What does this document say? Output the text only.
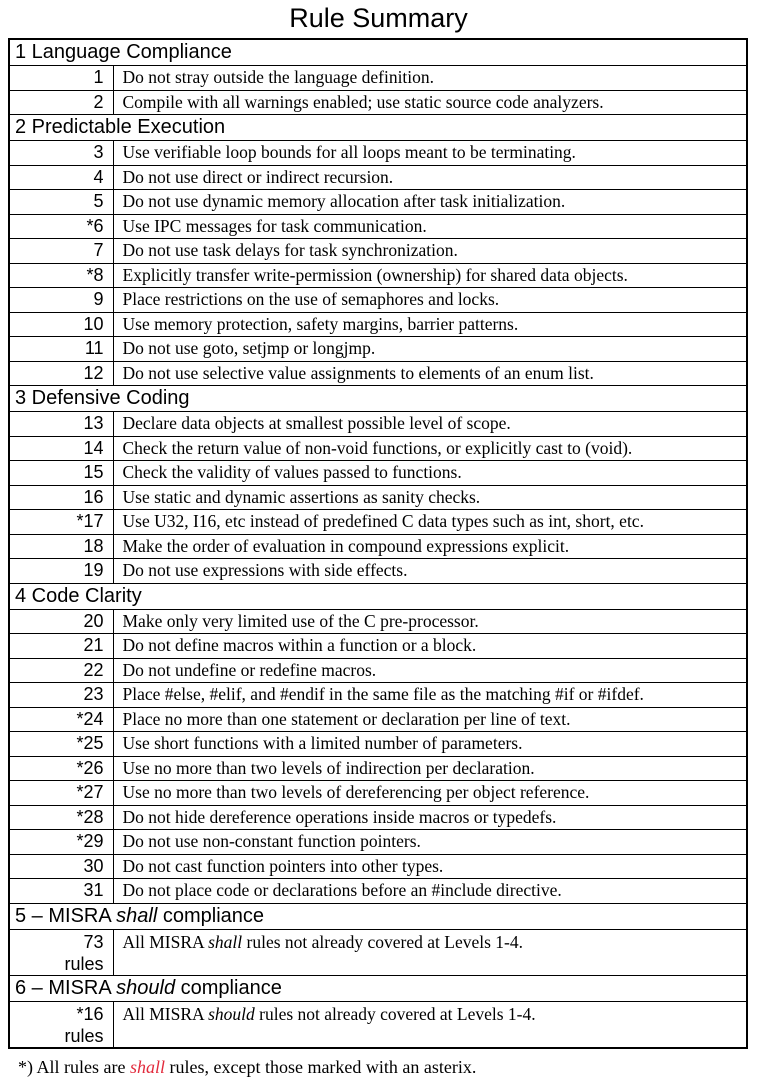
Rule Summary
1 Language Compliance	
1	Do not stray outside the language definition.
2	Compile with all warnings enabled; use static source code analyzers.
2 Predictable Execution	
3	Use verifiable loop bounds for all loops meant to be terminating.
4	Do not use direct or indirect recursion.
5	Do not use dynamic memory allocation after task initialization.
*6	Use IPC messages for task communication.
7	Do not use task delays for task synchronization.
*8	Explicitly transfer write-permission (ownership) for shared data objects.
9	Place restrictions on the use of semaphores and locks.
10	Use memory protection, safety margins, barrier patterns.
11	Do not use goto, setjmp or longjmp.
12	Do not use selective value assignments to elements of an enum list.
3 Defensive Coding	
13	Declare data objects at smallest possible level of scope.
14	Check the return value of non-void functions, or explicitly cast to (void).
15	Check the validity of values passed to functions.
16	Use static and dynamic assertions as sanity checks.
*17	Use U32, I16, etc instead of predefined C data types such as int, short, etc.
18	Make the order of evaluation in compound expressions explicit.
19	Do not use expressions with side effects.
4 Code Clarity	
20	Make only very limited use of the C pre-processor.
21	Do not define macros within a function or a block.
22	Do not undefine or redefine macros.
23	Place #else, #elif, and #endif in the same file as the matching #if or #ifdef.
*24	Place no more than one statement or declaration per line of text.
*25	Use short functions with a limited number of parameters.
*26	Use no more than two levels of indirection per declaration.
*27	Use no more than two levels of dereferencing per object reference.
*28	Do not hide dereference operations inside macros or typedefs.
*29	Do not use non-constant function pointers.
30	Do not cast function pointers into other types.
31	Do not place code or declarations before an #include directive.
5 – MISRA shall compliance	

73
rules	All MISRA shall rules not already covered at Levels 1-4.
6 – MISRA should compliance	

*16
rules	All MISRA should rules not already covered at Levels 1-4.
*) All rules are shall rules, except those marked with an asterix.
